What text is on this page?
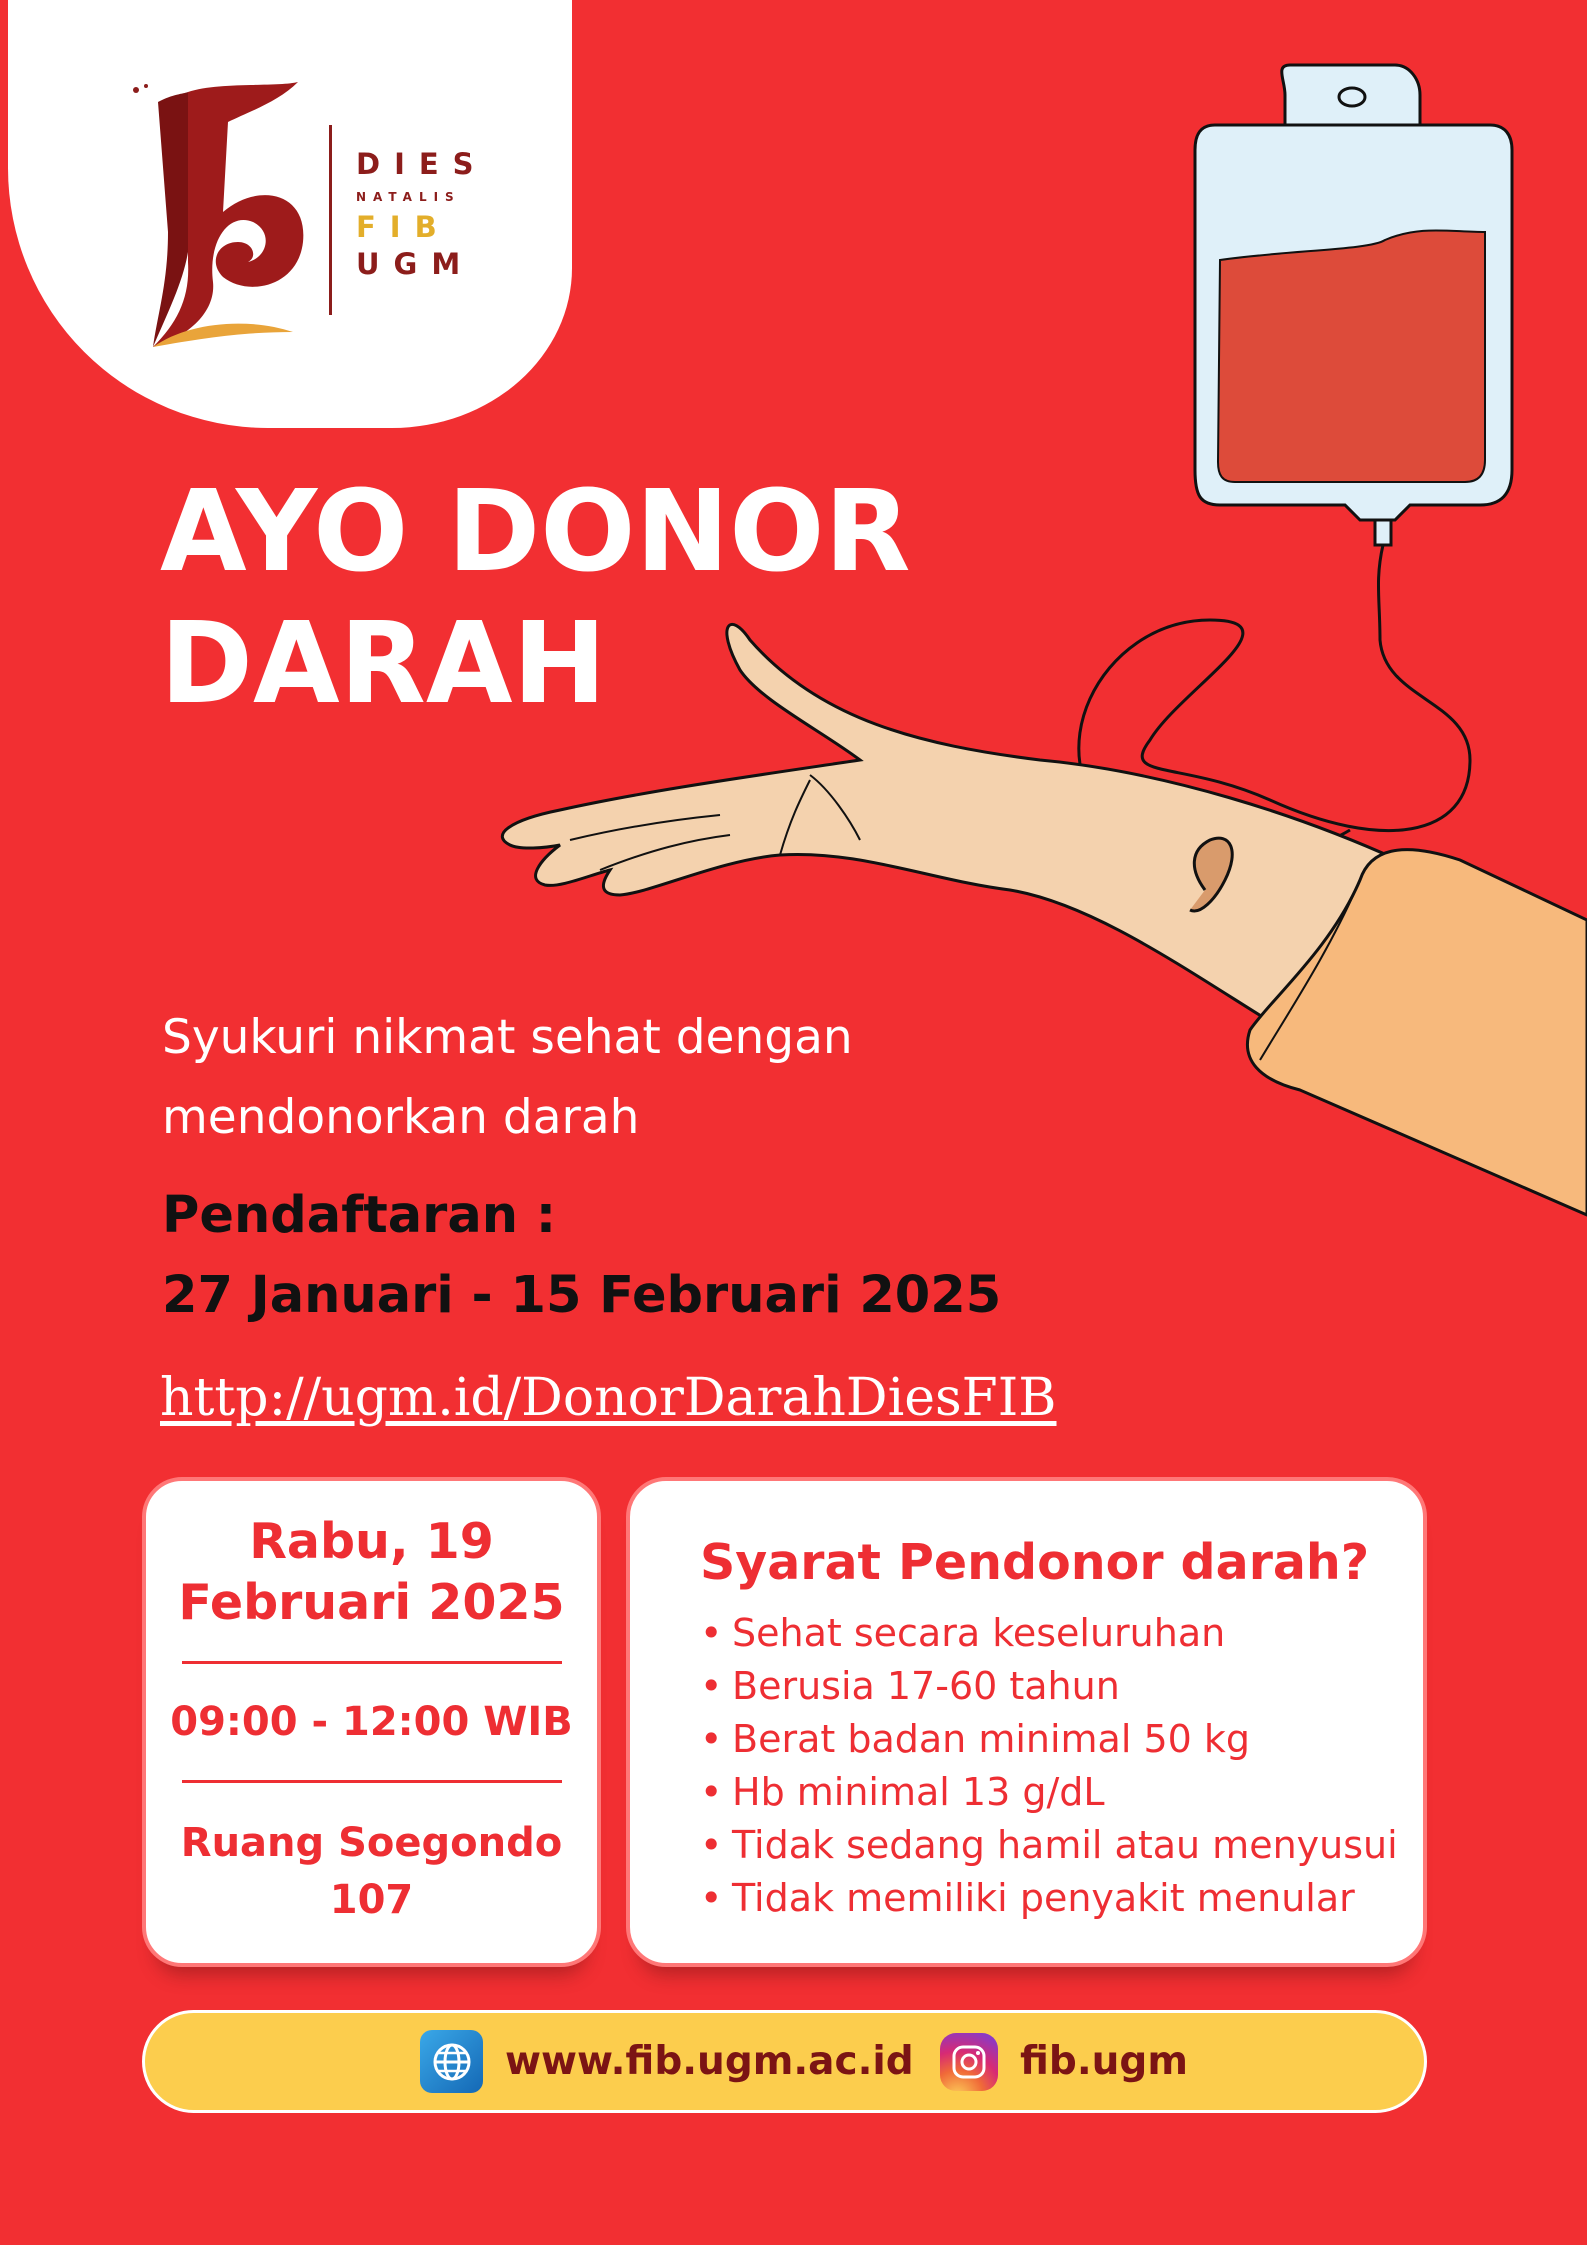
DIES
NATALIS
FIB
UGM
AYO DONOR
DARAH
Syukuri nikmat sehat dengan
mendonorkan darah
Pendaftaran :
27 Januari - 15 Februari 2025
http://ugm.id/DonorDarahDiesFIB
Rabu, 19
Februari 2025
09:00 - 12:00 WIB
Ruang Soegondo
107
Syarat Pendonor darah?
• Sehat secara keseluruhan
• Berusia 17-60 tahun
• Berat badan minimal 50 kg
• Hb minimal 13 g/dL
• Tidak sedang hamil atau menyusui
• Tidak memiliki penyakit menular
www.fib.ugm.ac.id	fib.ugm
